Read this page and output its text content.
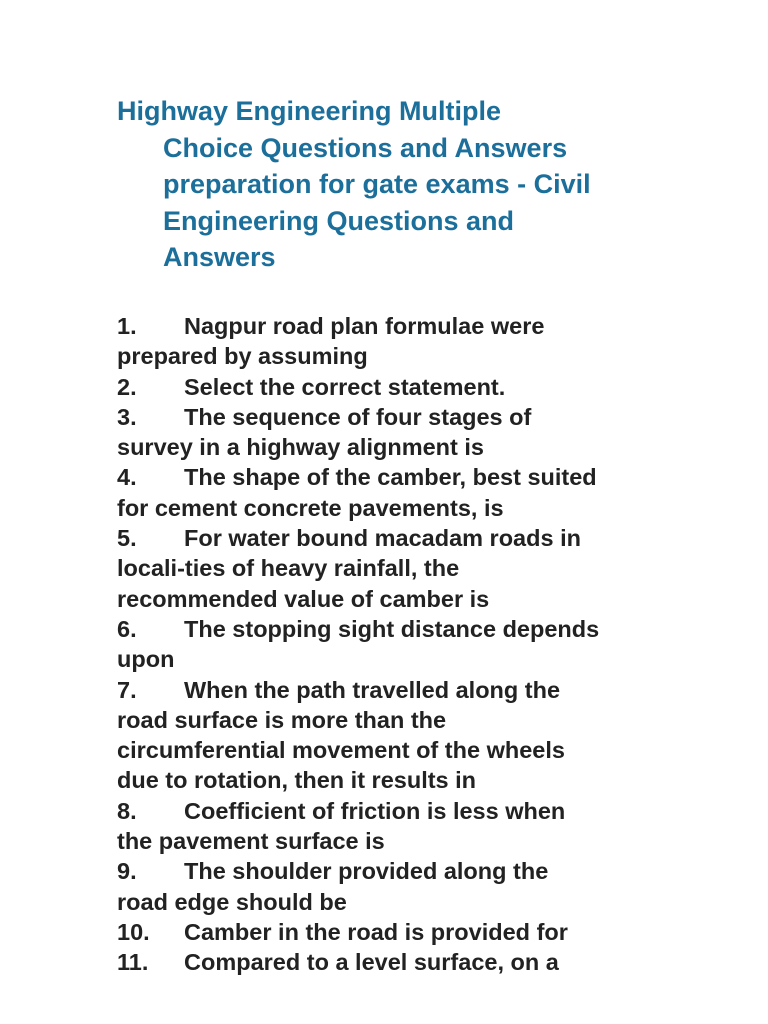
Highway Engineering Multiple
Choice Questions and Answers
preparation for gate exams - Civil
Engineering Questions and
Answers
1. Nagpur road plan formulae were
prepared by assuming
2. Select the correct statement.
3. The sequence of four stages of
survey in a highway alignment is
4. The shape of the camber, best suited
for cement concrete pavements, is
5. For water bound macadam roads in
locali-ties of heavy rainfall, the
recommended value of camber is
6. The stopping sight distance depends
upon
7. When the path travelled along the
road surface is more than the
circumferential movement of the wheels
due to rotation, then it results in
8. Coefficient of friction is less when
the pavement surface is
9. The shoulder provided along the
road edge should be
10. Camber in the road is provided for
11. Compared to a level surface, on a
